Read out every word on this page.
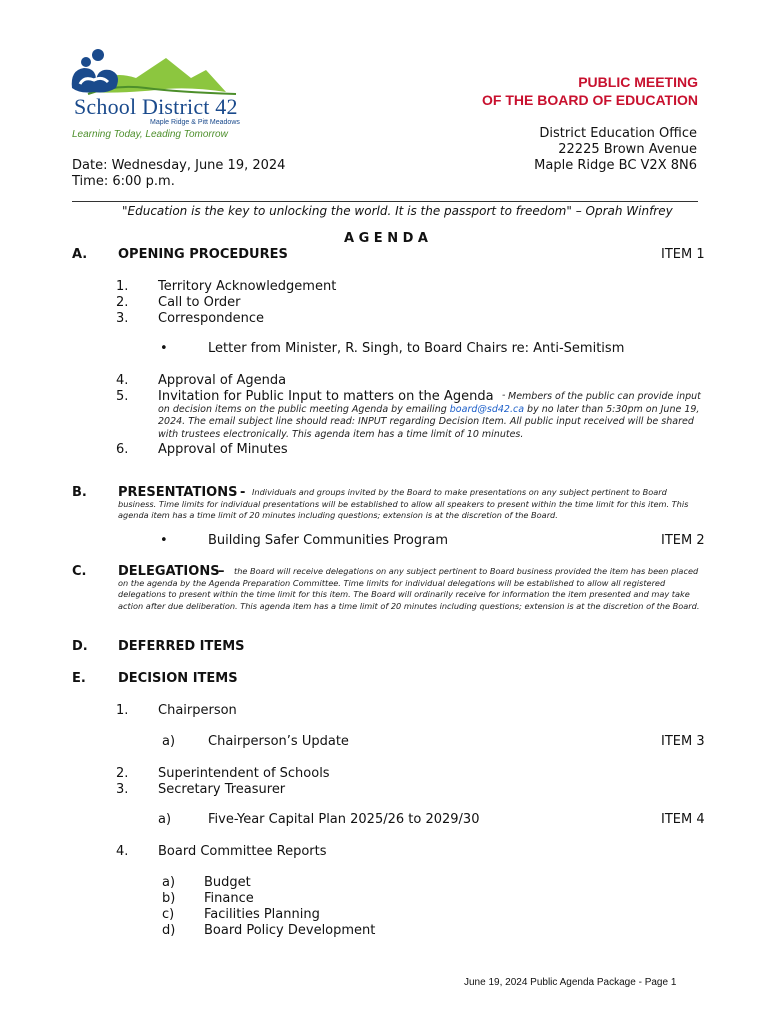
School District 42
Maple Ridge & Pitt Meadows
Learning Today, Leading Tomorrow
PUBLIC MEETING
OF THE BOARD OF EDUCATION
District Education Office
22225 Brown Avenue
Maple Ridge BC V2X 8N6
Date: Wednesday, June 19, 2024
Time: 6:00 p.m.
"Education is the key to unlocking the world. It is the passport to freedom" – Oprah Winfrey
A G E N D A
A. OPENING PROCEDURES	ITEM 1
1. Territory Acknowledgement
2. Call to Order
3. Correspondence
•	Letter from Minister, R. Singh, to Board Chairs re: Anti-Semitism
4. Approval of Agenda
5. Invitation for Public Input to matters on the Agenda - Members of the public can provide input on decision items on the public meeting Agenda by emailing board@sd42.ca by no later than 5:30pm on June 19, 2024. The email subject line should read: INPUT regarding Decision Item. All public input received will be shared with trustees electronically. This agenda item has a time limit of 10 minutes.
6. Approval of Minutes
B.	Individuals and groups invited by the Board to make presentations on any subject pertinent to Board business. Time limits for individual presentations will be established to allow all speakers to present within the time limit for this item. This agenda item has a time limit of 20 minutes including questions; extension is at the discretion of the Board.
PRESENTATIONS -
•	Building Safer Communities Program	ITEM 2
C.	the Board will receive delegations on any subject pertinent to Board business provided the item has been placed on the agenda by the Agenda Preparation Committee. Time limits for individual delegations will be established to allow all registered delegations to present within the time limit for this item. The Board will ordinarily receive for information the item presented and may take action after due deliberation. This agenda item has a time limit of 20 minutes including questions; extension is at the discretion of the Board.
DELEGATIONS
–
D. DEFERRED ITEMS
E. DECISION ITEMS
1. Chairperson
a)	Chairperson’s Update	ITEM 3
2. Superintendent of Schools
3. Secretary Treasurer
a)	Five-Year Capital Plan 2025/26 to 2029/30	ITEM 4
4. Board Committee Reports
a) Budget
b) Finance
c) Facilities Planning
d) Board Policy Development
June 19, 2024 Public Agenda Package - Page 1
